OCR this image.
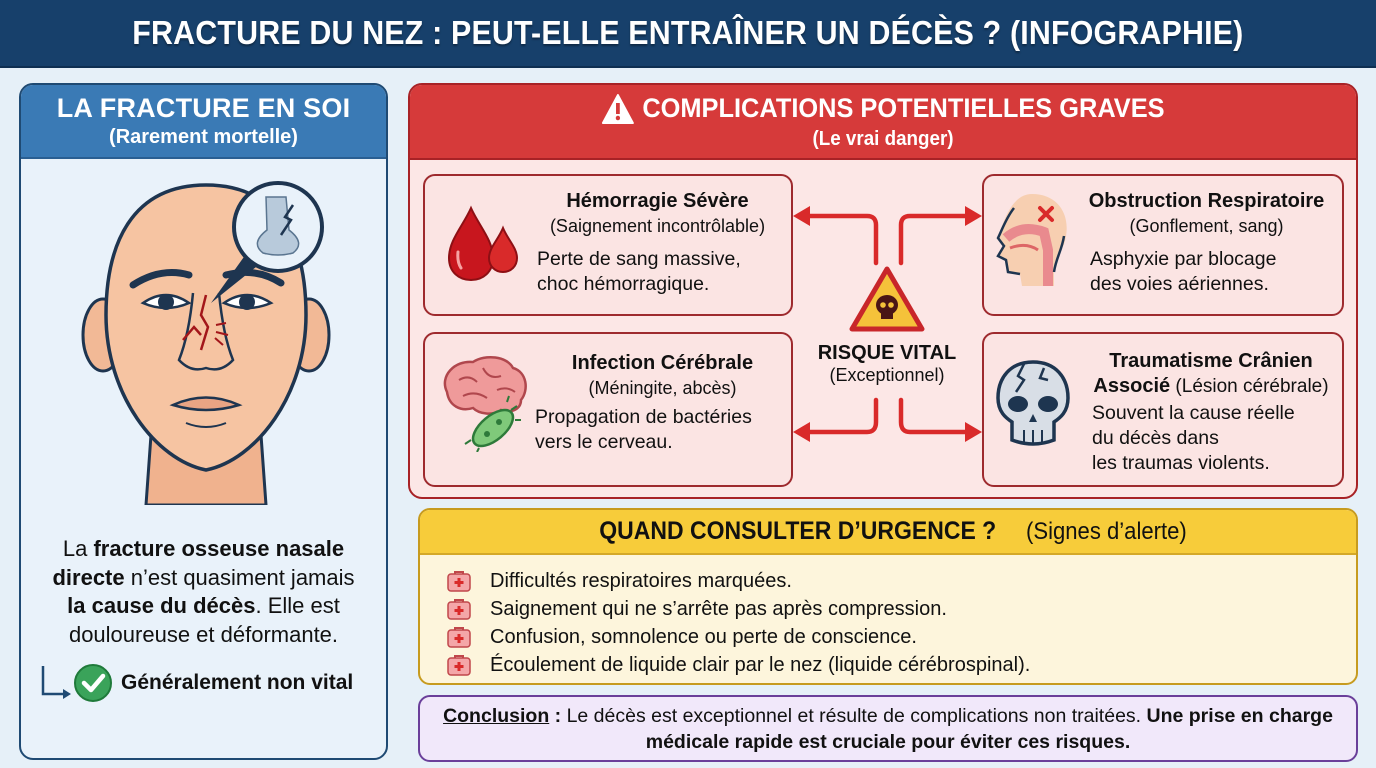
FRACTURE DU NEZ : PEUT-ELLE ENTRAÎNER UN DÉCÈS ? (INFOGRAPHIE)
LA FRACTURE EN SOI
(Rarement mortelle)

La fracture osseuse nasale directe n’est quasiment jamais la cause du décès. Elle est douloureuse et déformante.

Généralement non vital
COMPLICATIONS POTENTIELLES GRAVES
(Le vrai danger)
Hémorragie Sévère
(Saignement incontrôlable)
Perte de sang massive,
choc hémorragique.
Obstruction Respiratoire
(Gonflement, sang)
Asphyxie par blocage
des voies aériennes.
RISQUE VITAL
(Exceptionnel)
Infection Cérébrale
(Méningite, abcès)
Propagation de bactéries
vers le cerveau.
Traumatisme Crânien
Associé (Lésion cérébrale)
Souvent la cause réelle
du décès dans
les traumas violents.
QUAND CONSULTER D’URGENCE ? (Signes d’alerte)
Difficultés respiratoires marquées.
Saignement qui ne s’arrête pas après compression.
Confusion, somnolence ou perte de conscience.
Écoulement de liquide clair par le nez (liquide cérébrospinal).

Conclusion : Le décès est exceptionnel et résulte de complications non traitées. Une prise en charge médicale rapide est cruciale pour éviter ces risques.
